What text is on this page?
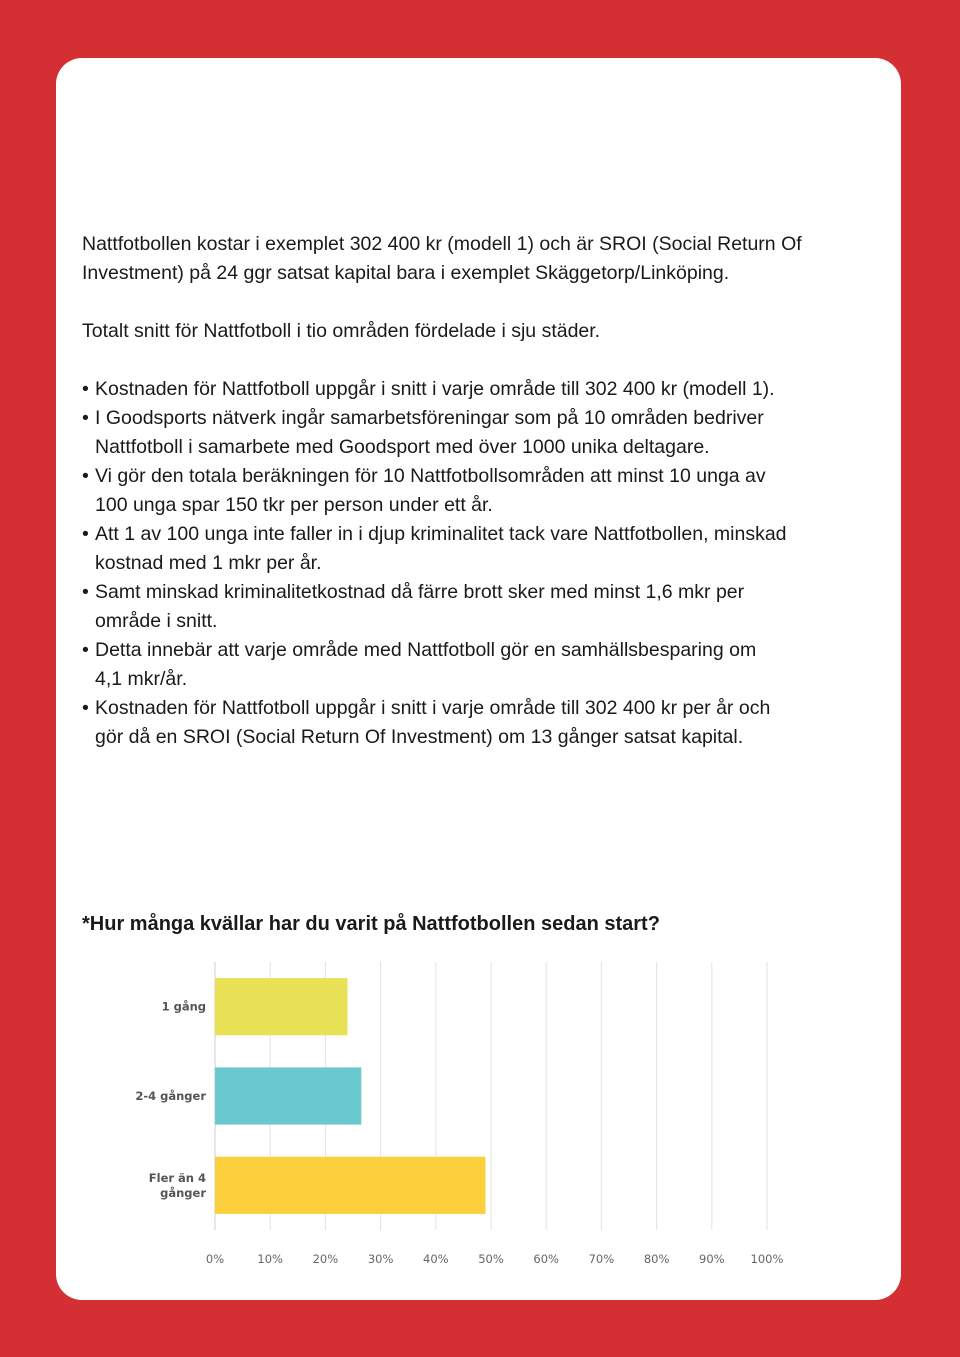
Nattfotbollen kostar i exemplet 302 400 kr (modell 1) och är SROI (Social Return Of

Investment) på 24 ggr satsat kapital bara i exemplet Skäggetorp/Linköping.

Totalt snitt för Nattfotboll i tio områden fördelade i sju städer.

• Kostnaden för Nattfotboll uppgår i snitt i varje område till 302 400 kr (modell 1).
• I Goodsports nätverk ingår samarbetsföreningar som på 10 områden bedriver
Nattfotboll i samarbete med Goodsport med över 1000 unika deltagare.
• Vi gör den totala beräkningen för 10 Nattfotbollsområden att minst 10 unga av
100 unga spar 150 tkr per person under ett år.
• Att 1 av 100 unga inte faller in i djup kriminalitet tack vare Nattfotbollen, minskad
kostnad med 1 mkr per år.
• Samt minskad kriminalitetkostnad då färre brott sker med minst 1,6 mkr per
område i snitt.
• Detta innebär att varje område med Nattfotboll gör en samhällsbesparing om
4,1 mkr/år.
• Kostnaden för Nattfotboll uppgår i snitt i varje område till 302 400 kr per år och
gör då en SROI (Social Return Of Investment) om 13 gånger satsat kapital.
*Hur många kvällar har du varit på Nattfotbollen sedan start?
1 gång
2-4 gånger
Fler än 4
gånger
0%	10%	20%	30%	40%	50%	60%	70%	80%	90% 100%
